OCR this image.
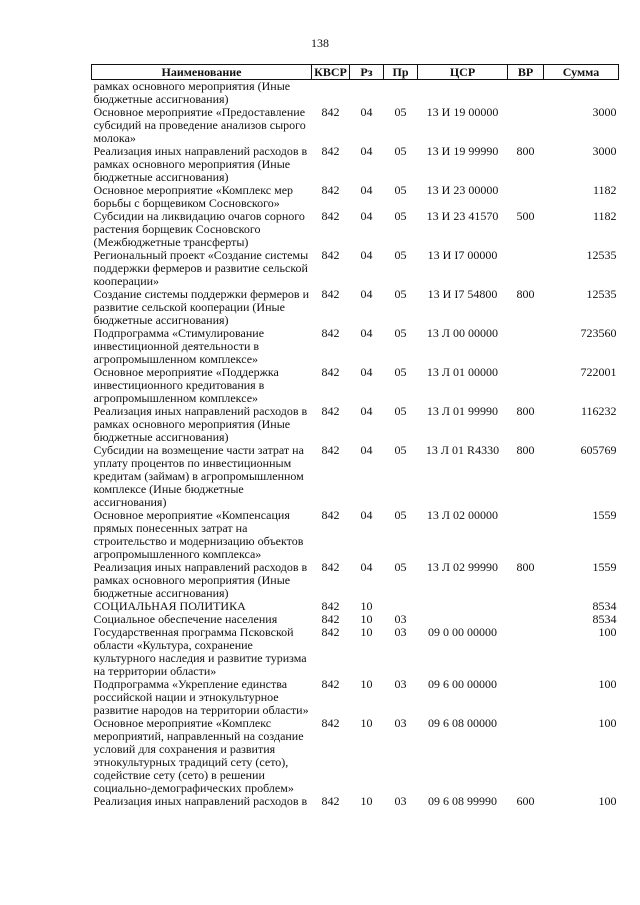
138
Наименование	КВСР	Рз	Пр	ЦСР	ВР	Сумма
рамках основного мероприятия (Иные бюджетные ассигнования)						
Основное мероприятие «Предоставление субсидий на проведение анализов сырого молока»	842	04	05	13 И 19 00000		3000
Реализация иных направлений расходов в рамках основного мероприятия (Иные бюджетные ассигнования)	842	04	05	13 И 19 99990	800	3000
Основное мероприятие «Комплекс мер борьбы с борщевиком Сосновского»	842	04	05	13 И 23 00000		1182
Субсидии на ликвидацию очагов сорного растения борщевик Сосновского (Межбюджетные трансферты)	842	04	05	13 И 23 41570	500	1182
Региональный проект «Создание системы поддержки фермеров и развитие сельской кооперации»	842	04	05	13 И I7 00000		12535
Создание системы поддержки фермеров и развитие сельской кооперации (Иные бюджетные ассигнования)	842	04	05	13 И I7 54800	800	12535
Подпрограмма «Стимулирование инвестиционной деятельности в агропромышленном комплексе»	842	04	05	13 Л 00 00000		723560
Основное мероприятие «Поддержка инвестиционного кредитования в агропромышленном комплексе»	842	04	05	13 Л 01 00000		722001
Реализация иных направлений расходов в рамках основного мероприятия (Иные бюджетные ассигнования)	842	04	05	13 Л 01 99990	800	116232
Субсидии на возмещение части затрат на уплату процентов по инвестиционным кредитам (займам) в агропромышленном комплексе (Иные бюджетные ассигнования)	842	04	05	13 Л 01 R4330	800	605769
Основное мероприятие «Компенсация прямых понесенных затрат на строительство и модернизацию объектов агропромышленного комплекса»	842	04	05	13 Л 02 00000		1559
Реализация иных направлений расходов в рамках основного мероприятия (Иные бюджетные ассигнования)	842	04	05	13 Л 02 99990	800	1559
СОЦИАЛЬНАЯ ПОЛИТИКА	842	10				8534
Социальное обеспечение населения	842	10	03			8534
Государственная программа Псковской области «Культура, сохранение культурного наследия и развитие туризма на территории области»	842	10	03	09 0 00 00000		100
Подпрограмма «Укрепление единства российской нации и этнокультурное развитие народов на территории области»	842	10	03	09 6 00 00000		100
Основное мероприятие «Комплекс мероприятий, направленный на создание условий для сохранения и развития этнокультурных традиций сету (сето), содействие сету (сето) в решении социально-демографических проблем»	842	10	03	09 6 08 00000		100
Реализация иных направлений расходов в	842	10	03	09 6 08 99990	600	100
